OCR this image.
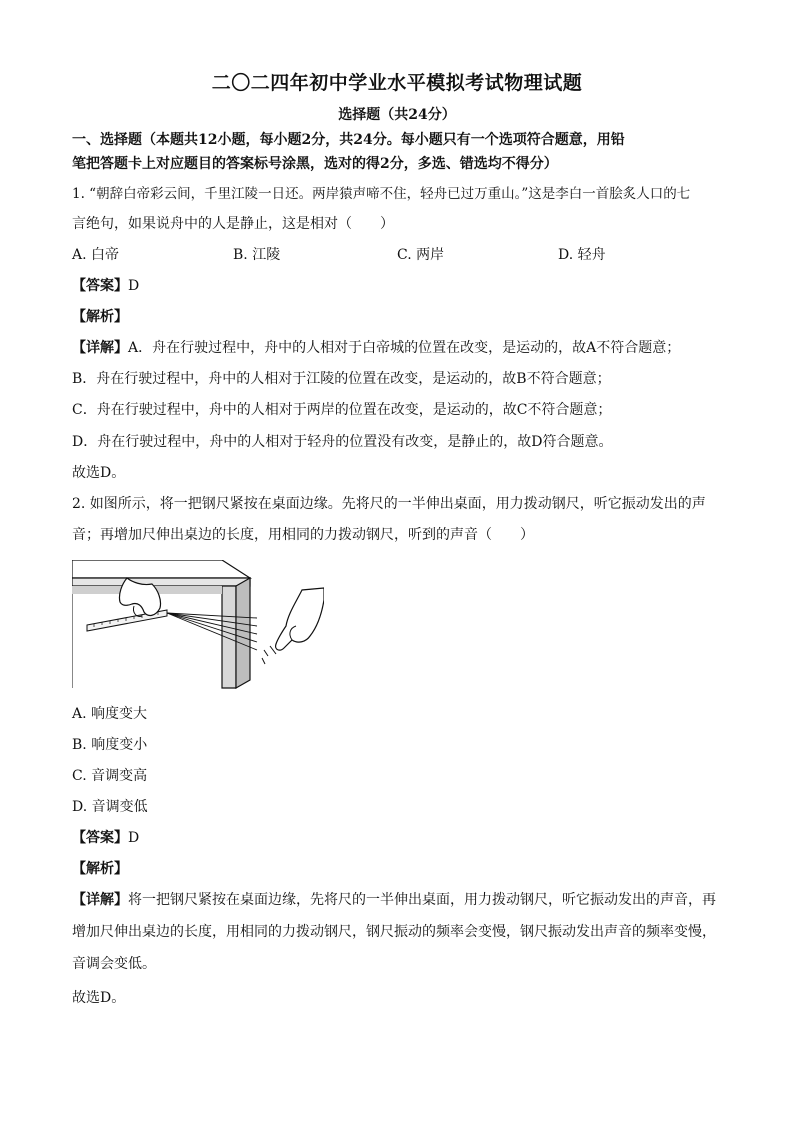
二〇二四年初中学业水平模拟考试物理试题
选择题（共24分）
一、选择题（本题共12小题，每小题2分，共24分。每小题只有一个选项符合题意，用铅
笔把答题卡上对应题目的答案标号涂黑，选对的得2分，多选、错选均不得分）
1. “朝辞白帝彩云间，千里江陵一日还。两岸猿声啼不住，轻舟已过万重山。”这是李白一首脍炙人口的七
言绝句，如果说舟中的人是静止，这是相对（　　）
A. 白帝	B. 江陵	C. 两岸	D. 轻舟
【答案】D
【解析】
【详解】A．舟在行驶过程中，舟中的人相对于白帝城的位置在改变，是运动的，故A不符合题意；
B．舟在行驶过程中，舟中的人相对于江陵的位置在改变，是运动的，故B不符合题意；
C．舟在行驶过程中，舟中的人相对于两岸的位置在改变，是运动的，故C不符合题意；
D．舟在行驶过程中，舟中的人相对于轻舟的位置没有改变，是静止的，故D符合题意。
故选D。
2. 如图所示，将一把钢尺紧按在桌面边缘。先将尺的一半伸出桌面，用力拨动钢尺，听它振动发出的声
音；再增加尺伸出桌边的长度，用相同的力拨动钢尺，听到的声音（　　）
A. 响度变大
B. 响度变小
C. 音调变高
D. 音调变低
【答案】D
【解析】
【详解】将一把钢尺紧按在桌面边缘，先将尺的一半伸出桌面，用力拨动钢尺，听它振动发出的声音，再
增加尺伸出桌边的长度，用相同的力拨动钢尺，钢尺振动的频率会变慢，钢尺振动发出声音的频率变慢，
音调会变低。
故选D。
